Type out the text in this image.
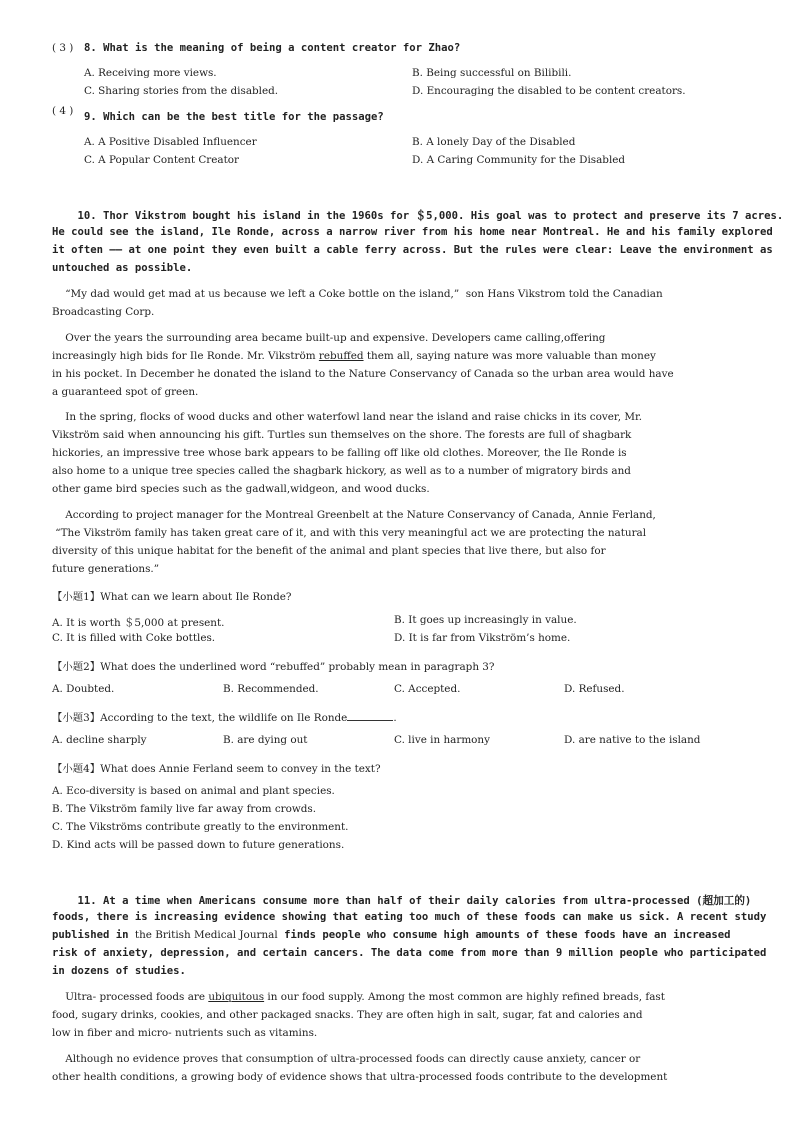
( 3 ) 8. What is the meaning of being a content creator for Zhao?
A. Receiving more views.	B. Being successful on Bilibili.
C. Sharing stories from the disabled.	D. Encouraging the disabled to be content creators.
( 4 ) 9. Which can be the best title for the passage?
A. A Positive Disabled Influencer	B. A lonely Day of the Disabled
C. A Popular Content Creator	D. A Caring Community for the Disabled
10. Thor Vikstrom bought his island in the 1960s for ＄5,000. His goal was to protect and preserve its 7 acres.
He could see the island, Ile Ronde, across a narrow river from his home near Montreal. He and his family explored
it often —— at one point they even built a cable ferry across. But the rules were clear: Leave the environment as
untouched as possible.
“My dad would get mad at us because we left a Coke bottle on the island,”  son Hans Vikstrom told the Canadian
Broadcasting Corp.
Over the years the surrounding area became built-up and expensive. Developers came calling,offering
increasingly high bids for Ile Ronde. Mr. Vikström rebuffed them all, saying nature was more valuable than money
in his pocket. In December he donated the island to the Nature Conservancy of Canada so the urban area would have
a guaranteed spot of green.
In the spring, flocks of wood ducks and other waterfowl land near the island and raise chicks in its cover, Mr.
Vikström said when announcing his gift. Turtles sun themselves on the shore. The forests are full of shagbark
hickories, an impressive tree whose bark appears to be falling off like old clothes. Moreover, the Ile Ronde is
also home to a unique tree species called the shagbark hickory, as well as to a number of migratory birds and
other game bird species such as the gadwall,widgeon, and wood ducks.
According to project manager for the Montreal Greenbelt at the Nature Conservancy of Canada, Annie Ferland,
“The Vikström family has taken great care of it, and with this very meaningful act we are protecting the natural
diversity of this unique habitat for the benefit of the animal and plant species that live there, but also for
future generations.”
【小题1】What can we learn about Ile Ronde?
A. It is worth ＄5,000 at present.	B. It goes up increasingly in value.
C. It is filled with Coke bottles.	D. It is far from Vikström’s home.
【小题2】What does the underlined word “rebuffed” probably mean in paragraph 3?
A. Doubted.	B. Recommended.	C. Accepted.	D. Refused.
【小题3】According to the text, the wildlife on Ile Ronde	.
A. decline sharply	B. are dying out	C. live in harmony	D. are native to the island
【小题4】What does Annie Ferland seem to convey in the text?
A. Eco-diversity is based on animal and plant species.
B. The Vikström family live far away from crowds.
C. The Vikströms contribute greatly to the environment.
D. Kind acts will be passed down to future generations.
11. At a time when Americans consume more than half of their daily calories from ultra-processed (超加工的)
foods, there is increasing evidence showing that eating too much of these foods can make us sick. A recent study
published in the British Medical Journal finds people who consume high amounts of these foods have an increased
risk of anxiety, depression, and certain cancers. The data come from more than 9 million people who participated
in dozens of studies.
Ultra- processed foods are ubiquitous in our food supply. Among the most common are highly refined breads, fast
food, sugary drinks, cookies, and other packaged snacks. They are often high in salt, sugar, fat and calories and
low in fiber and micro- nutrients such as vitamins.
Although no evidence proves that consumption of ultra-processed foods can directly cause anxiety, cancer or
other health conditions, a growing body of evidence shows that ultra-processed foods contribute to the development
